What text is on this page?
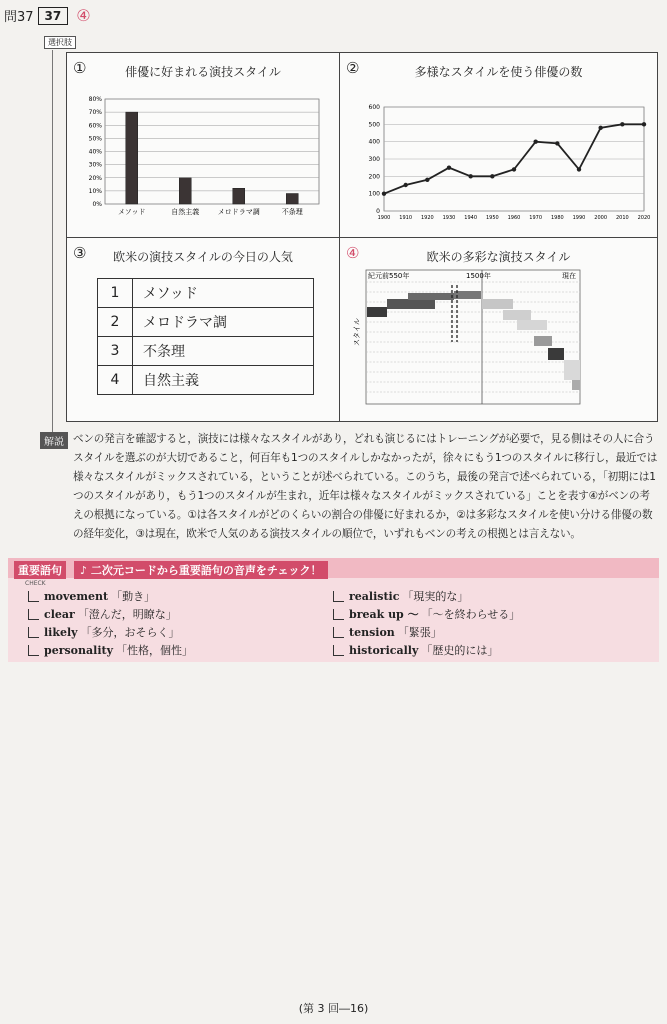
問37 37 ④
選択肢
①	俳優に好まれる演技スタイル
0%
10%
20%
30%
40%
50%
60%
70%
80%
メソッド	自然主義	メロドラマ調	不条理
②	多様なスタイルを使う俳優の数
0
100
200
300
400
500
600
1900 1910 1920 1930 1940 1950 1960 1970 1980 1990 2000 2010 2020
③	欧米の演技スタイルの今日の人気
1	メソッド
2	メロドラマ調
3	不条理
4	自然主義
④	欧米の多彩な演技スタイル
紀元前550年	1500年	現在
スタイル
解説 ベンの発言を確認すると，演技には様々なスタイルがあり，どれも演じるにはトレーニングが必要で，見る側はその人に合うスタイルを選ぶのが大切であること，何百年も1つのスタイルしかなかったが，徐々にもう1つのスタイルに移行し，最近では様々なスタイルがミックスされている，ということが述べられている。このうち，最後の発言で述べられている，「初期には1つのスタイルがあり，もう1つのスタイルが生まれ，近年は様々なスタイルがミックスされている」ことを表す④がベンの考えの根拠になっている。①は各スタイルがどのくらいの割合の俳優に好まれるか，②は多彩なスタイルを使い分ける俳優の数の経年変化，③は現在，欧米で人気のある演技スタイルの順位で，いずれもベンの考えの根拠とは言えない。
重要語句	♪ 二次元コードから重要語句の音声をチェック！
CHECK
movement 「動き」
clear 「澄んだ，明瞭な」
likely 「多分，おそらく」
personality 「性格，個性」
realistic 「現実的な」
break up ～ 「～を終わらせる」
tension 「緊張」
historically 「歴史的には」
(第 3 回―16)
